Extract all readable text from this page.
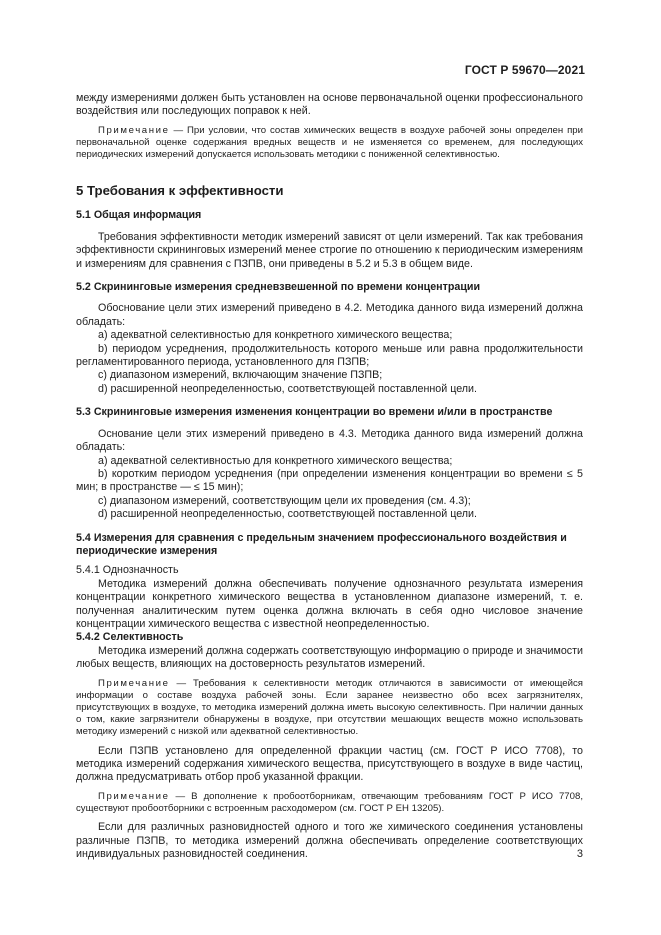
ГОСТ Р 59670—2021

между измерениями должен быть установлен на основе первоначальной оценки профессионального воздействия или последующих поправок к ней.

Примечание — При условии, что состав химических веществ в воздухе рабочей зоны определен при первоначальной оценке содержания вредных веществ и не изменяется со временем, для последующих периодических измерений допускается использовать методики с пониженной селективностью.

5 Требования к эффективности
5.1 Общая информация

Требования эффективности методик измерений зависят от цели измерений. Так как требования эффективности скрининговых измерений менее строгие по отношению к периодическим измерениям и измерениям для сравнения с ПЗПВ, они приведены в 5.2 и 5.3 в общем виде.

5.2 Скрининговые измерения средневзвешенной по времени концентрации

Обоснование цели этих измерений приведено в 4.2. Методика данного вида измерений должна обладать:

a) адекватной селективностью для конкретного химического вещества;

b) периодом усреднения, продолжительность которого меньше или равна продолжительности регламентированного периода, установленного для ПЗПВ;

c) диапазоном измерений, включающим значение ПЗПВ;

d) расширенной неопределенностью, соответствующей поставленной цели.

5.3 Скрининговые измерения изменения концентрации во времени и/или в пространстве

Основание цели этих измерений приведено в 4.3. Методика данного вида измерений должна обладать:

a) адекватной селективностью для конкретного химического вещества;

b) коротким периодом усреднения (при определении изменения концентрации во времени ≤ 5 мин; в пространстве — ≤ 15 мин);

c) диапазоном измерений, соответствующим цели их проведения (см. 4.3);

d) расширенной неопределенностью, соответствующей поставленной цели.

5.4 Измерения для сравнения с предельным значением профессионального воздействия и периодические измерения
5.4.1 Однозначность

Методика измерений должна обеспечивать получение однозначного результата измерения концентрации конкретного химического вещества в установленном диапазоне измерений, т. е. полученная аналитическим путем оценка должна включать в себя одно числовое значение концентрации химического вещества с известной неопределенностью.

5.4.2 Селективность

Методика измерений должна содержать соответствующую информацию о природе и значимости любых веществ, влияющих на достоверность результатов измерений.

Примечание — Требования к селективности методик отличаются в зависимости от имеющейся информации о составе воздуха рабочей зоны. Если заранее неизвестно обо всех загрязнителях, присутствующих в воздухе, то методика измерений должна иметь высокую селективность. При наличии данных о том, какие загрязнители обнаружены в воздухе, при отсутствии мешающих веществ можно использовать методику измерений с низкой или адекватной селективностью.

Если ПЗПВ установлено для определенной фракции частиц (см. ГОСТ Р ИСО 7708), то методика измерений содержания химического вещества, присутствующего в воздухе в виде частиц, должна предусматривать отбор проб указанной фракции.

Примечание — В дополнение к пробоотборникам, отвечающим требованиям ГОСТ Р ИСО 7708, существуют пробоотборники с встроенным расходомером (см. ГОСТ Р ЕН 13205).

Если для различных разновидностей одного и того же химического соединения установлены различные ПЗПВ, то методика измерений должна обеспечивать определение соответствующих индивидуальных разновидностей соединения.	3
